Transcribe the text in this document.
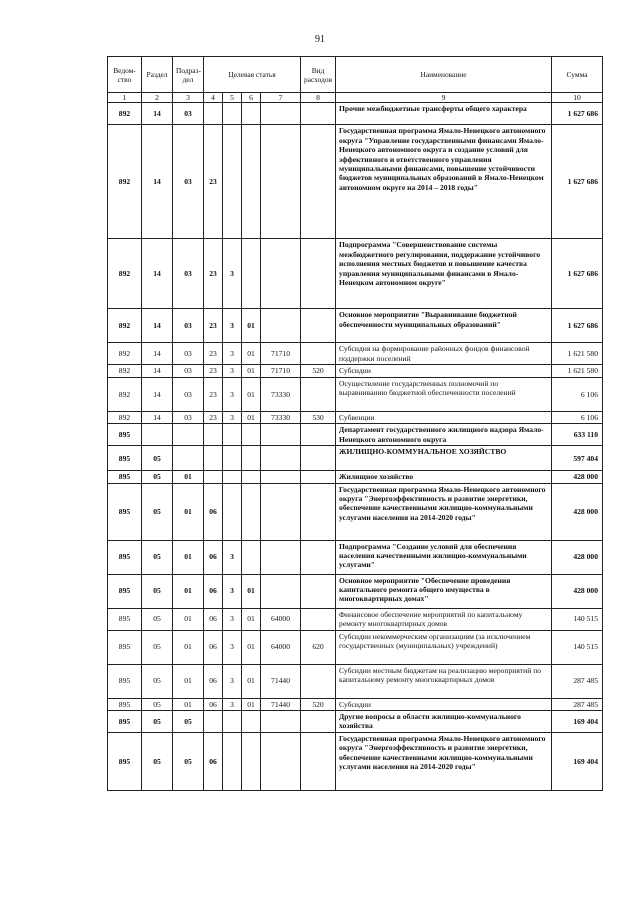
91
Ведом-ство	Раздел	Подраз-дел	Целевая статья				Вид расходов	Наименование	Сумма
1	2	3	4	5	6	7	8	9	10
892	14	03						Прочие межбюджетные трансферты общего характера	1 627 686
892	14	03	23					Государственная программа Ямало-Ненецкого автономного округа "Управление государственными финансами Ямало-Ненецкого автономного округа и создание условий для эффективного и ответственного управления муниципальными финансами, повышение устойчивости бюджетов муниципальных образований в Ямало-Ненецком автономном округе на 2014 – 2018 годы"	1 627 686
892	14	03	23	3				Подпрограмма "Совершенствование системы межбюджетного регулирования, поддержание устойчивого исполнения местных бюджетов и повышение качества управления муниципальными финансами в Ямало-Ненецком автономном округе"	1 627 686
892	14	03	23	3	01			Основное мероприятие "Выравнивание бюджетной обеспеченности муниципальных образований"	1 627 686
892	14	03	23	3	01	71710		Субсидия на формирование районных фондов финансовой поддержки поселений	1 621 580
892	14	03	23	3	01	71710	520	Субсидии	1 621 580
892	14	03	23	3	01	73330		Осуществление государственных полномочий по выравниванию бюджетной обеспеченности поселений	6 106
892	14	03	23	3	01	73330	530	Субвенции	6 106
895								Департамент государственного жилищного надзора Ямало-Ненецкого автономного округа	633 110
895	05							ЖИЛИЩНО-КОММУНАЛЬНОЕ ХОЗЯЙСТВО	597 404
895	05	01						Жилищное хозяйство	428 000
895	05	01	06					Государственная программа Ямало-Ненецкого автономного округа "Энергоэффективность и развитие энергетики, обеспечение качественными жилищно-коммунальными услугами населения на 2014-2020 годы"	428 000
895	05	01	06	3				Подпрограмма "Создание условий для обеспечения населения качественными жилищно-коммунальными услугами"	428 000
895	05	01	06	3	01			Основное мероприятие "Обеспечение проведения капитального ремонта общего имущества в многоквартирных домах"	428 000
895	05	01	06	3	01	64000		Финансовое обеспечение мероприятий по капитальному ремонту многоквартирных домов	140 515
895	05	01	06	3	01	64000	620	Субсидии некоммерческим организациям (за исключением государственных (муниципальных) учреждений)	140 515
895	05	01	06	3	01	71440		Субсидии местным бюджетам на реализацию мероприятий по капитальному ремонту многоквартирных домов	287 485
895	05	01	06	3	01	71440	520	Субсидии	287 485
895	05	05						Другие вопросы в области жилищно-коммунального хозяйства	169 404
895	05	05	06					Государственная программа Ямало-Ненецкого автономного округа "Энергоэффективность и развитие энергетики, обеспечение качественными жилищно-коммунальными услугами населения на 2014-2020 годы"	169 404
